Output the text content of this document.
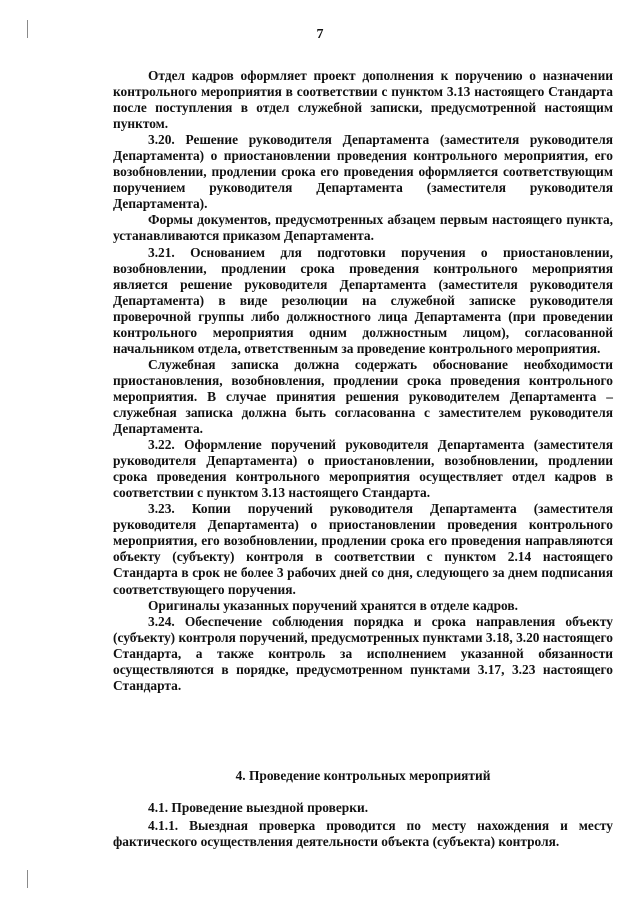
7

Отдел кадров оформляет проект дополнения к поручению о назначении контрольного мероприятия в соответствии с пунктом 3.13 настоящего Стандарта после поступления в отдел служебной записки, предусмотренной настоящим пунктом.

3.20. Решение руководителя Департамента (заместителя руководителя Департамента) о приостановлении проведения контрольного мероприятия, его возобновлении, продлении срока его проведения оформляется соответствующим поручением руководителя Департамента (заместителя руководителя Департамента).

Формы документов, предусмотренных абзацем первым настоящего пункта, устанавливаются приказом Департамента.

3.21. Основанием для подготовки поручения о приостановлении, возобновлении, продлении срока проведения контрольного мероприятия является решение руководителя Департамента (заместителя руководителя Департамента) в виде резолюции на служебной записке руководителя проверочной группы либо должностного лица Департамента (при проведении контрольного мероприятия одним должностным лицом), согласованной начальником отдела, ответственным за проведение контрольного мероприятия.

Служебная записка должна содержать обоснование необходимости приостановления, возобновления, продлении срока проведения контрольного мероприятия. В случае принятия решения руководителем Департамента – служебная записка должна быть согласованна с заместителем руководителя Департамента.

3.22. Оформление поручений руководителя Департамента (заместителя руководителя Департамента) о приостановлении, возобновлении, продлении срока проведения контрольного мероприятия осуществляет отдел кадров в соответствии с пунктом 3.13 настоящего Стандарта.

3.23. Копии поручений руководителя Департамента (заместителя руководителя Департамента) о приостановлении проведения контрольного мероприятия, его возобновлении, продлении срока его проведения направляются объекту (субъекту) контроля в соответствии с пунктом 2.14 настоящего Стандарта в срок не более 3 рабочих дней со дня, следующего за днем подписания соответствующего поручения.

Оригиналы указанных поручений хранятся в отделе кадров.

3.24. Обеспечение соблюдения порядка и срока направления объекту (субъекту) контроля поручений, предусмотренных пунктами 3.18, 3.20 настоящего Стандарта, а также контроль за исполнением указанной обязанности осуществляются в порядке, предусмотренном пунктами 3.17, 3.23 настоящего Стандарта.

4. Проведение контрольных мероприятий

4.1. Проведение выездной проверки.

4.1.1. Выездная проверка проводится по месту нахождения и месту фактического осуществления деятельности объекта (субъекта) контроля.
